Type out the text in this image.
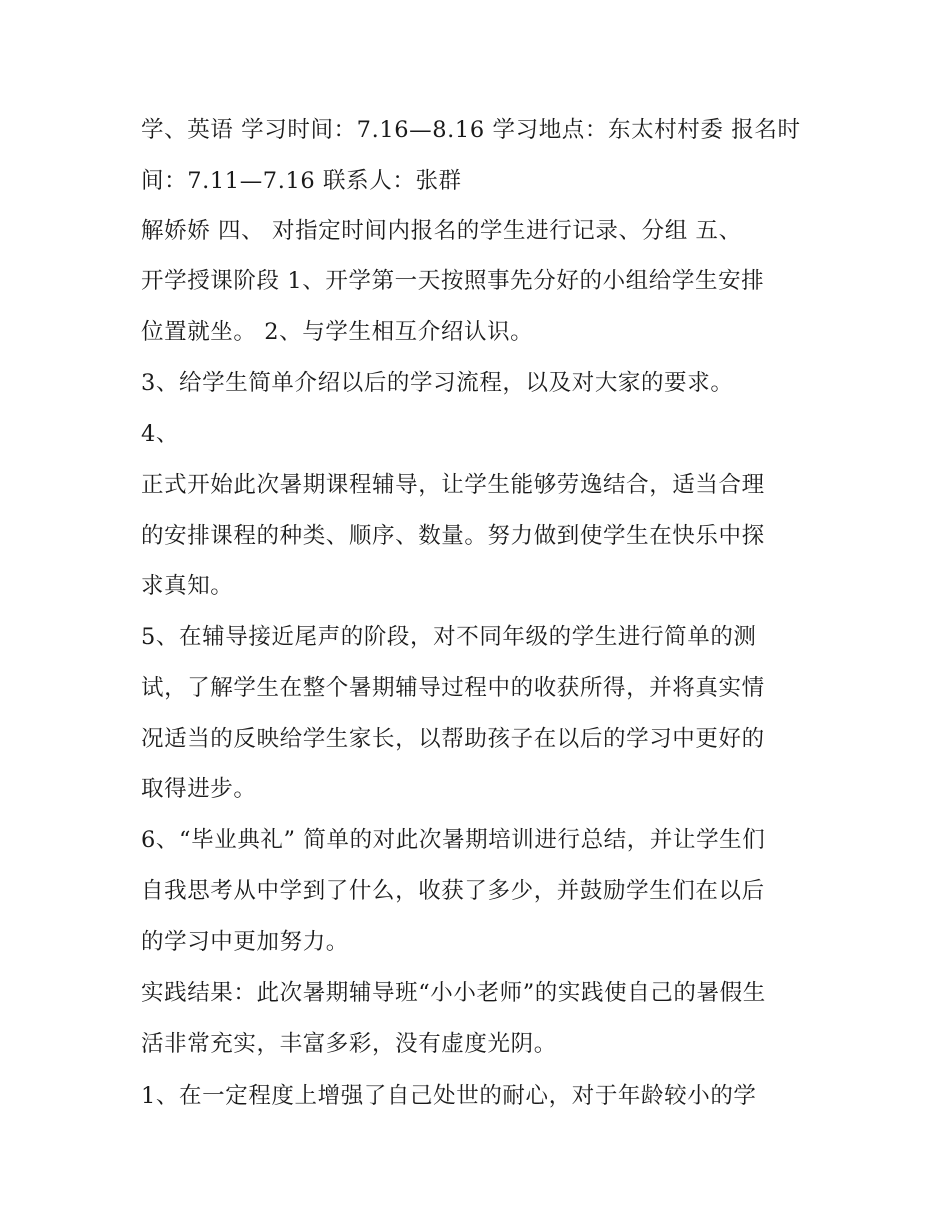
学、英语 学习时间：7.16—8.16 学习地点：东太村村委 报名时
间：7.11—7.16 联系人：张群
解娇娇 四、 对指定时间内报名的学生进行记录、分组 五、
开学授课阶段 1、开学第一天按照事先分好的小组给学生安排
位置就坐。 2、与学生相互介绍认识。
3、给学生简单介绍以后的学习流程，以及对大家的要求。
4、
正式开始此次暑期课程辅导，让学生能够劳逸结合，适当合理
的安排课程的种类、顺序、数量。努力做到使学生在快乐中探
求真知。
5、在辅导接近尾声的阶段，对不同年级的学生进行简单的测
试，了解学生在整个暑期辅导过程中的收获所得，并将真实情
况适当的反映给学生家长，以帮助孩子在以后的学习中更好的
取得进步。
6、“毕业典礼” 简单的对此次暑期培训进行总结，并让学生们
自我思考从中学到了什么，收获了多少，并鼓励学生们在以后
的学习中更加努力。
实践结果：此次暑期辅导班“小小老师”的实践使自己的暑假生
活非常充实，丰富多彩，没有虚度光阴。
1、在一定程度上增强了自己处世的耐心，对于年龄较小的学
